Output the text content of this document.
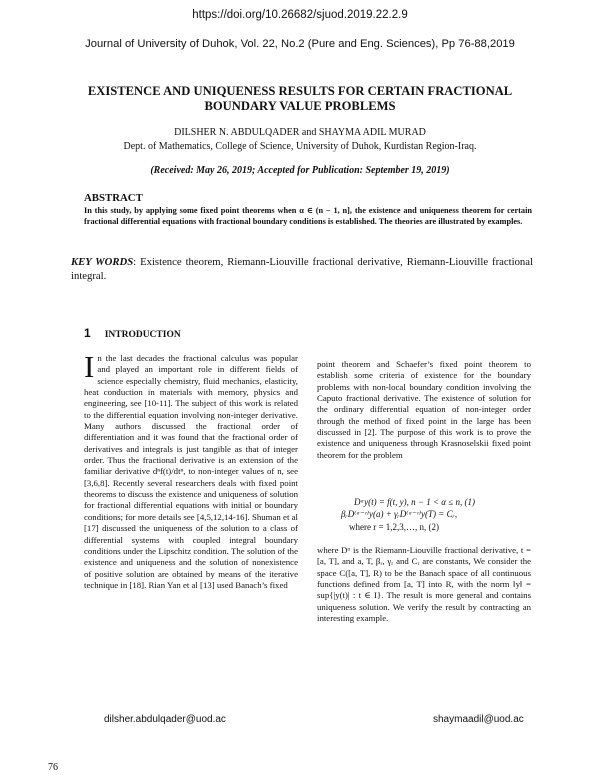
https://doi.org/10.26682/sjuod.2019.22.2.9
Journal of University of Duhok, Vol. 22, No.2 (Pure and Eng. Sciences), Pp 76-88,2019
EXISTENCE AND UNIQUENESS RESULTS FOR CERTAIN FRACTIONAL
BOUNDARY VALUE PROBLEMS
DILSHER N. ABDULQADER and SHAYMA ADIL MURAD
Dept. of Mathematics, College of Science, University of Duhok, Kurdistan Region-Iraq.
(Received: May 26, 2019; Accepted for Publication: September 19, 2019)
ABSTRACT
In this study, by applying some fixed point theorems when α ∈ (n − 1, n], the existence and uniqueness theorem for certain fractional differential equations with fractional boundary conditions is established. The theories are illustrated by examples.
KEY WORDS: Existence theorem, Riemann-Liouville fractional derivative, Riemann-Liouville fractional integral.
1 INTRODUCTION
In the last decades the fractional calculus was popular and played an important role in different fields of science especially chemistry, fluid mechanics, elasticity, heat conduction in materials with memory, physics and engineering, see [10-11]. The subject of this work is related to the differential equation involving non-integer derivative. Many authors discussed the fractional order of differentiation and it was found that the fractional order of derivatives and integrals is just tangible as that of integer order. Thus the fractional derivative is an extension of the familiar derivative dⁿf(t)/dtⁿ, to non-integer values of n, see [3,6,8]. Recently several researchers deals with fixed point theorems to discuss the existence and uniqueness of solution for fractional differential equations with initial or boundary conditions; for more details see [4,5,12,14-16]. Shuman et al [17] discussed the uniqueness of the solution to a class of differential systems with coupled integral boundary conditions under the Lipschitz condition. The solution of the existence and uniqueness and the solution of nonexistence of positive solution are obtained by means of the iterative technique in [18]. Rian Yan et al [13] used Banach’s fixed
point theorem and Schaefer’s fixed point theorem to establish some criteria of existence for the boundary problems with non-local boundary condition involving the Caputo fractional derivative. The existence of solution for the ordinary differential equation of non-integer order through the method of fixed point in the large has been discussed in [2]. The purpose of this work is to prove the existence and uniqueness through Krasnoselskii fixed point theorem for the problem
Dᵅy(t) = f(t, y), n − 1 < α ≤ n, (1)
βᵣD⁽ᵅ⁻ʳ⁾y(a) + γᵣD⁽ᵅ⁻ʳ⁾y(T) = Cᵣ,
where r = 1,2,3,…, n, (2)
where Dᵅ is the Riemann-Liouville fractional derivative, t = [a, T], and a, T, βᵣ, γᵣ and Cᵣ are constants, We consider the space C([a, T], R) to be the Banach space of all continuous functions defined from [a, T] into R, with the norm ‖y‖ = sup{|y(t)| : t ∈ I}. The result is more general and contains uniqueness solution. We verify the result by contracting an interesting example.
dilsher.abdulqader@uod.ac	shaymaadil@uod.ac
76
